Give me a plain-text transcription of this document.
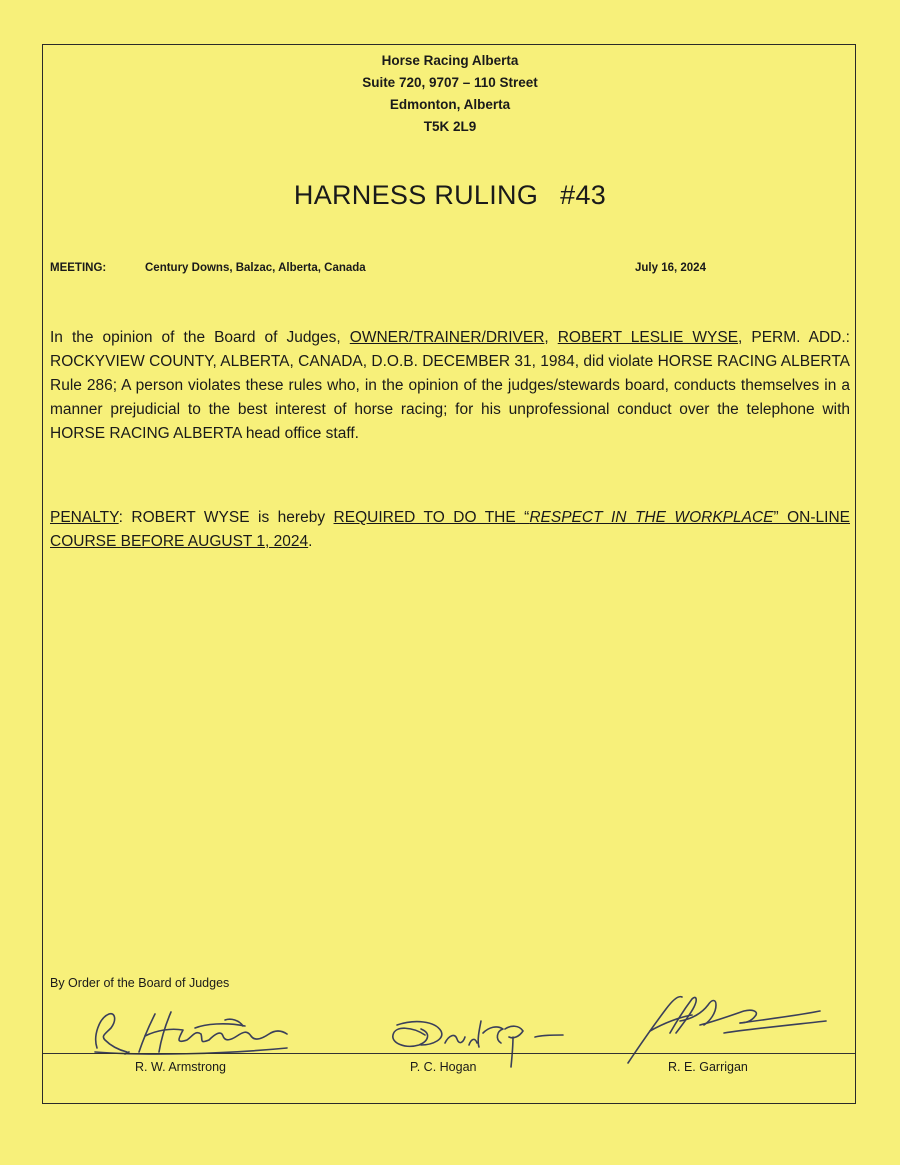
Horse Racing Alberta
Suite 720, 9707 – 110 Street
Edmonton, Alberta
T5K 2L9
HARNESS RULING #43
MEETING:	Century Downs, Balzac, Alberta, Canada	July 16, 2024
In the opinion of the Board of Judges, OWNER/TRAINER/DRIVER, ROBERT LESLIE WYSE, PERM. ADD.: ROCKYVIEW COUNTY, ALBERTA, CANADA, D.O.B. DECEMBER 31, 1984, did violate HORSE RACING ALBERTA Rule 286; A person violates these rules who, in the opinion of the judges/stewards board, conducts themselves in a manner prejudicial to the best interest of horse racing; for his unprofessional conduct over the telephone with HORSE RACING ALBERTA head office staff.
PENALTY: ROBERT WYSE is hereby REQUIRED TO DO THE “RESPECT IN THE WORKPLACE” ON-LINE COURSE BEFORE AUGUST 1, 2024.
By Order of the Board of Judges
R. W. Armstrong	P. C. Hogan	R. E. Garrigan
